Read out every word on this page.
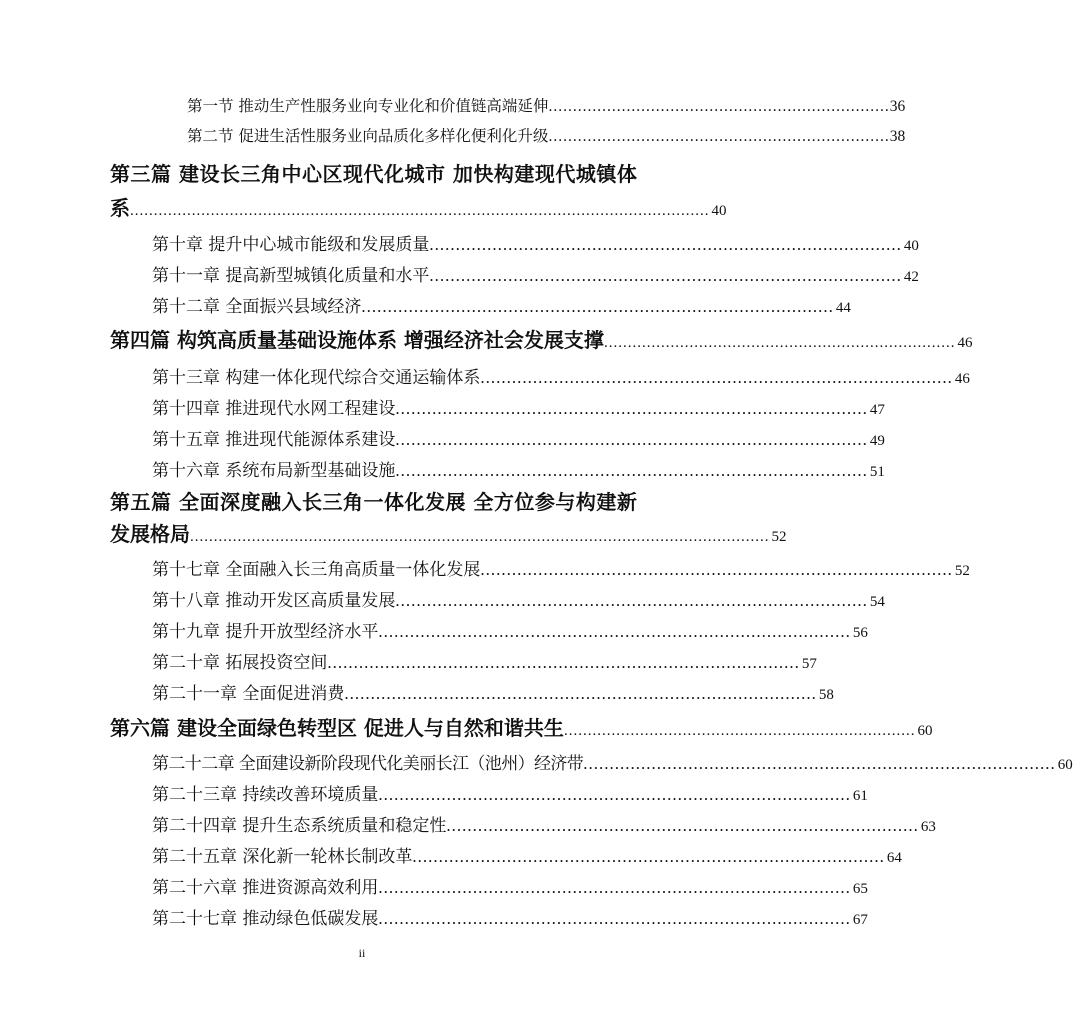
第一节 推动生产性服务业向专业化和价值链高端延伸 ...................................................................... 36
第二节 促进生活性服务业向品质化多样化便利化升级 ...................................................................... 38
第三篇 建设长三角中心区现代化城市 加快构建现代城镇体
系 .......................................................................................................................... 40
第十章 提升中心城市能级和发展质量 .......................................................................................... 40
第十一章 提高新型城镇化质量和水平 .......................................................................................... 42
第十二章 全面振兴县域经济 .......................................................................................... 44
第四篇 构筑高质量基础设施体系 增强经济社会发展支撑 .......................................................................... 46
第十三章 构建一体化现代综合交通运输体系 .......................................................................................... 46
第十四章 推进现代水网工程建设 .......................................................................................... 47
第十五章 推进现代能源体系建设 .......................................................................................... 49
第十六章 系统布局新型基础设施 .......................................................................................... 51
第五篇 全面深度融入长三角一体化发展 全方位参与构建新
发展格局 .......................................................................................................................... 52
第十七章 全面融入长三角高质量一体化发展 .......................................................................................... 52
第十八章 推动开发区高质量发展 .......................................................................................... 54
第十九章 提升开放型经济水平 .......................................................................................... 56
第二十章 拓展投资空间 .......................................................................................... 57
第二十一章 全面促进消费 .......................................................................................... 58
第六篇 建设全面绿色转型区 促进人与自然和谐共生 .......................................................................... 60
第二十二章 全面建设新阶段现代化美丽长江（池州）经济带 .......................................................................................... 60
第二十三章 持续改善环境质量 .......................................................................................... 61
第二十四章 提升生态系统质量和稳定性 .......................................................................................... 63
第二十五章 深化新一轮林长制改革 .......................................................................................... 64
第二十六章 推进资源高效利用 .......................................................................................... 65
第二十七章 推动绿色低碳发展 .......................................................................................... 67
ii
